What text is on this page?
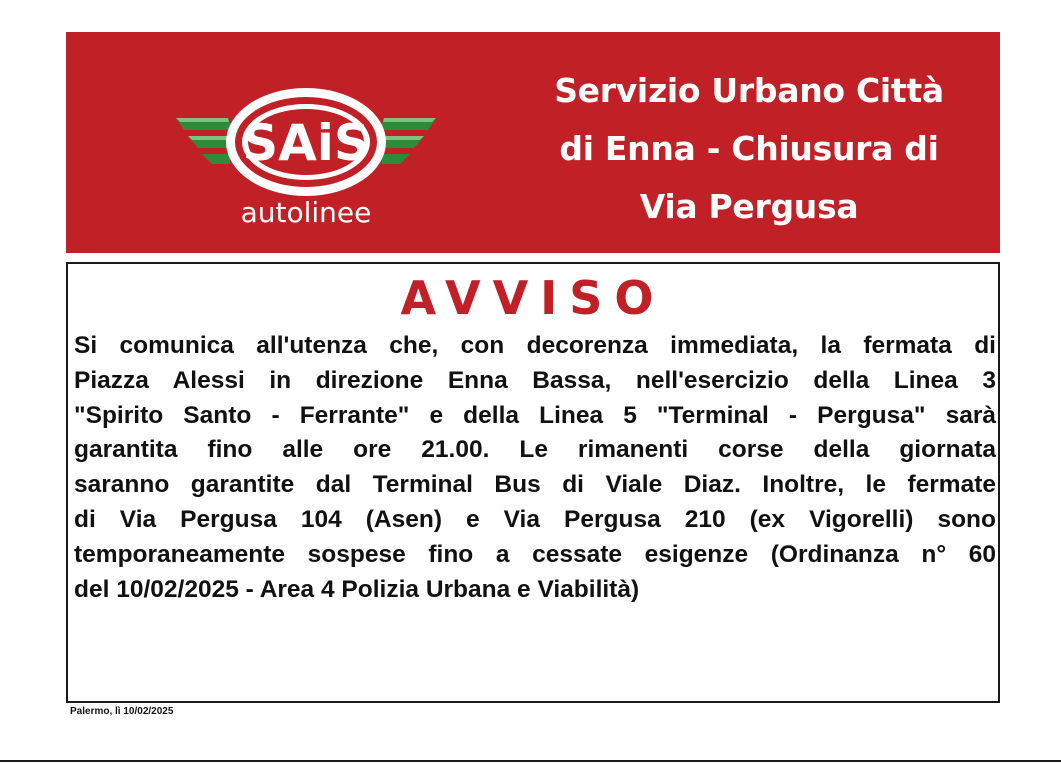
SAiS
autolinee
Servizio Urbano Città
di Enna - Chiusura di
Via Pergusa
AVVISO
Si comunica all'utenza che, con decorenza immediata, la fermata di
Piazza Alessi in direzione Enna Bassa, nell'esercizio della Linea 3
"Spirito Santo - Ferrante" e della Linea 5 "Terminal - Pergusa" sarà
garantita fino alle ore 21.00. Le rimanenti corse della giornata
saranno garantite dal Terminal Bus di Viale Diaz. Inoltre, le fermate
di Via Pergusa 104 (Asen) e Via Pergusa 210 (ex Vigorelli) sono
temporaneamente sospese fino a cessate esigenze (Ordinanza n° 60
del 10/02/2025 - Area 4 Polizia Urbana e Viabilità)
Palermo, lì 10/02/2025
